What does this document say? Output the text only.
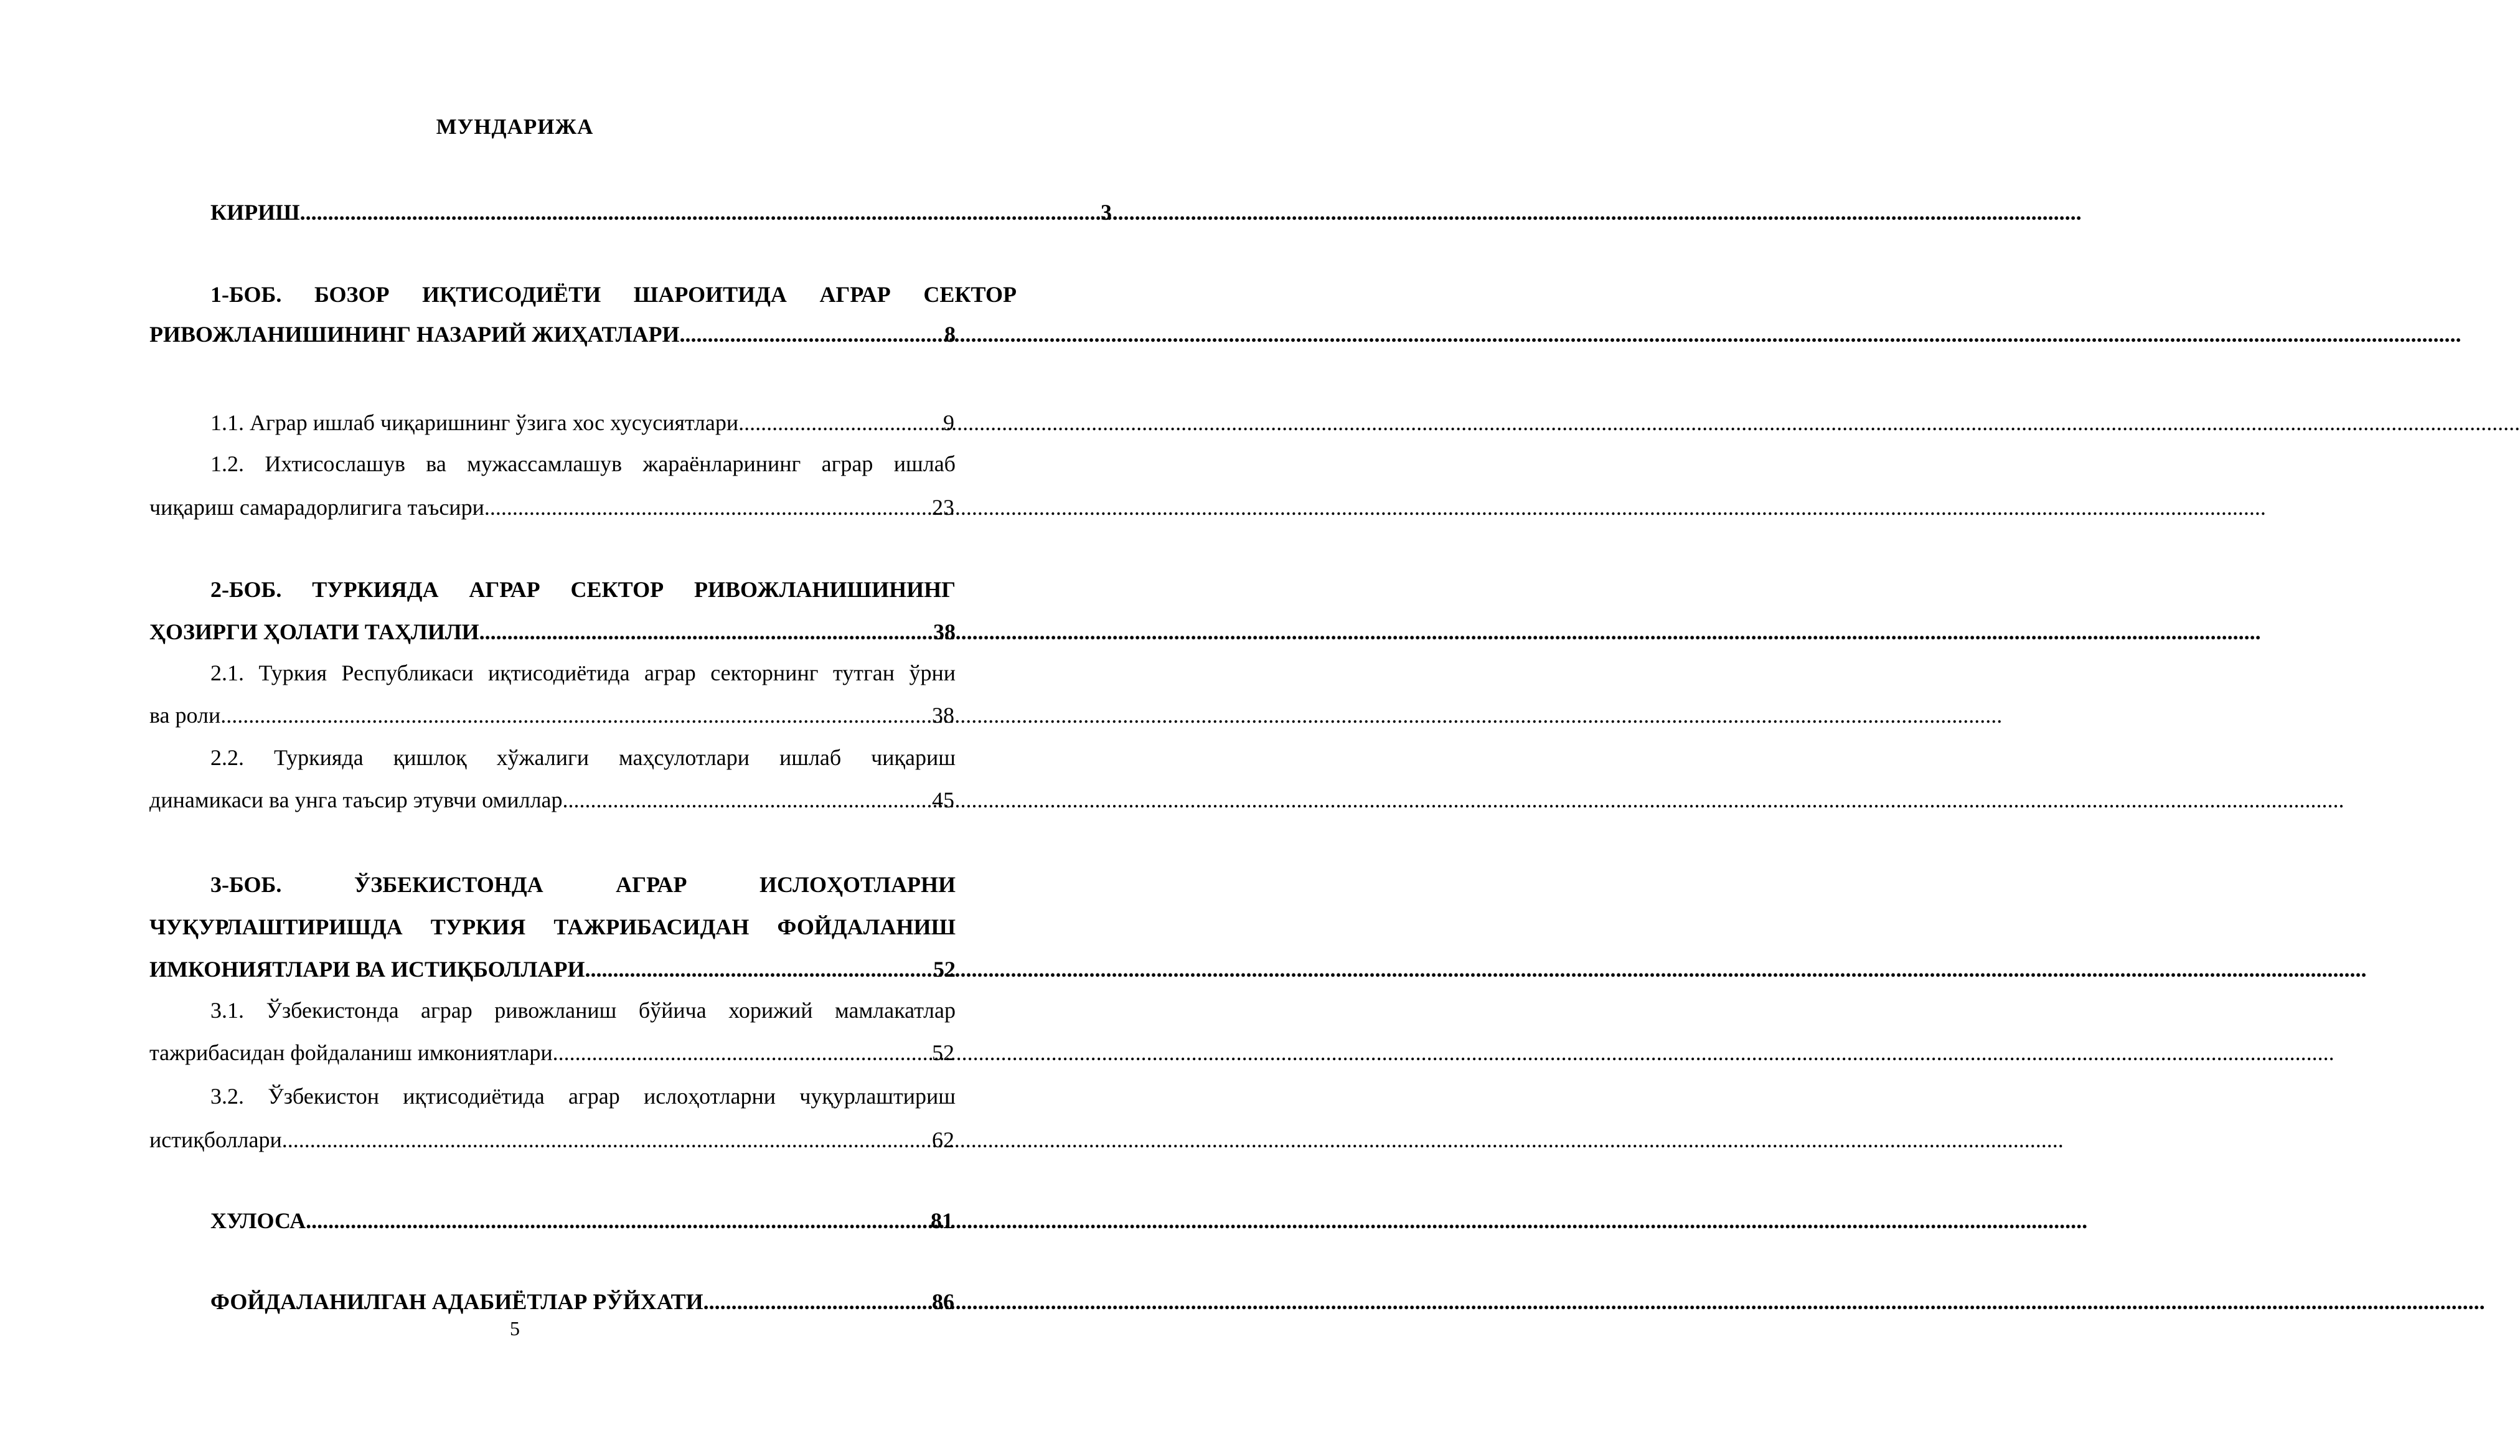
МУНДАРИЖА
КИРИШ .....	3
1-БОБ. БОЗОР ИҚТИСОДИЁТИ ШАРОИТИДА АГРАР СЕКТОР
РИВОЖЛАНИШИНИНГ НАЗАРИЙ ЖИҲАТЛАРИ .....	8
1.1. Аграр ишлаб чиқаришнинг ўзига хос хусусиятлари .....	9
1.2. Ихтисослашув ва мужассамлашув жараёнларининг аграр ишлаб
чиқариш самарадорлигига таъсири .....	23
2-БОБ. ТУРКИЯДА АГРАР СЕКТОР РИВОЖЛАНИШИНИНГ
ҲОЗИРГИ ҲОЛАТИ ТАҲЛИЛИ .....	38
2.1. Туркия Республикаси иқтисодиётида аграр секторнинг тутган ўрни
ва роли .....	38
2.2. Туркияда қишлоқ хўжалиги маҳсулотлари ишлаб чиқариш
динамикаси ва унга таъсир этувчи омиллар .....	45
3-БОБ. ЎЗБЕКИСТОНДА АГРАР ИСЛОҲОТЛАРНИ
ЧУҚУРЛАШТИРИШДА ТУРКИЯ ТАЖРИБАСИДАН ФОЙДАЛАНИШ
ИМКОНИЯТЛАРИ ВА ИСТИҚБОЛЛАРИ .....	52
3.1. Ўзбекистонда аграр ривожланиш бўйича хорижий мамлакатлар
тажрибасидан фойдаланиш имкониятлари .....	52
3.2. Ўзбекистон иқтисодиётида аграр ислоҳотларни чуқурлаштириш
истиқболлари .....	62
ХУЛОСА .....	81
ФОЙДАЛАНИЛГАН АДАБИЁТЛАР РЎЙХАТИ .....	86
5
